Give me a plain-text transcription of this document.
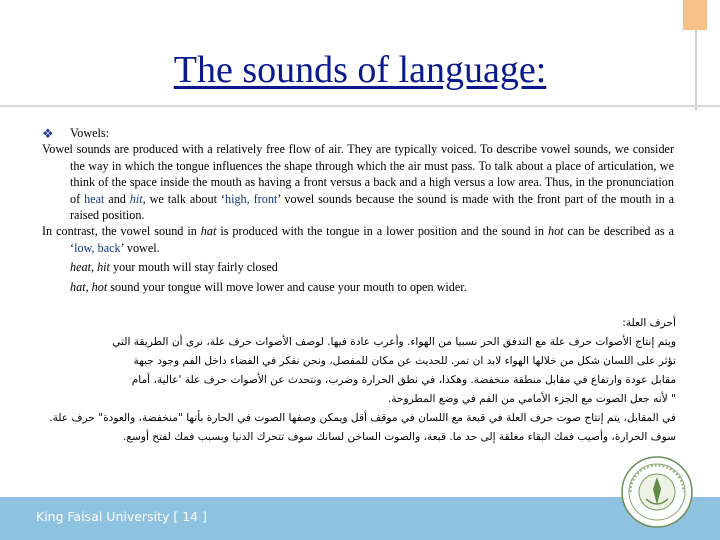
The sounds of language:
❖ Vowels:
Vowel sounds are produced with a relatively free flow of air. They are typically voiced. To describe vowel sounds, we consider the way in which the tongue influences the shape through which the air must pass. To talk about a place of articulation, we think of the space inside the mouth as having a front versus a back and a high versus a low area. Thus, in the pronunciation of heat and hit, we talk about ‘high, front’ vowel sounds because the sound is made with the front part of the mouth in a raised position.
In contrast, the vowel sound in hat is produced with the tongue in a lower position and the sound in hot can be described as a ‘low, back’ vowel.
heat, hit your mouth will stay fairly closed
hat, hot sound your tongue will move lower and cause your mouth to open wider.

أحرف العلة:

ويتم إنتاج الأصوات حرف علة مع التدفق الحر نسبيا من الهواء. وأعرب عادة فيها. لوصف الأصوات حرف علة، نرى أن الطريقة التي

تؤثر على اللسان شكل من خلالها الهواء لابد ان تمر. للحديث عن مكان للمفصل، ونحن نفكر في الفضاء داخل الفم وجود جبهة

مقابل عودة وارتفاع في مقابل منطقة منخفضة. وهكذا، في نطق الحرارة وضرب، ونتحدث عن الأصوات حرف علة 'عالية، أمام

" لأنه جعل الصوت مع الجزء الأمامي من الفم في وضع المطروحة.

في المقابل، يتم إنتاج صوت حرف العلة في قبعة مع اللسان في موقف أقل ويمكن وصفها الصوت في الحارة بأنها "منخفضة، والعودة" حرف علة.

سوف الحرارة، وأصيب فمك البقاء مغلقة إلى حد ما. قبعة، والصوت الساخن لسانك سوف تتحرك الدنيا وبسبب فمك لفتح أوسع.

King Faisal University [ 14 ]
